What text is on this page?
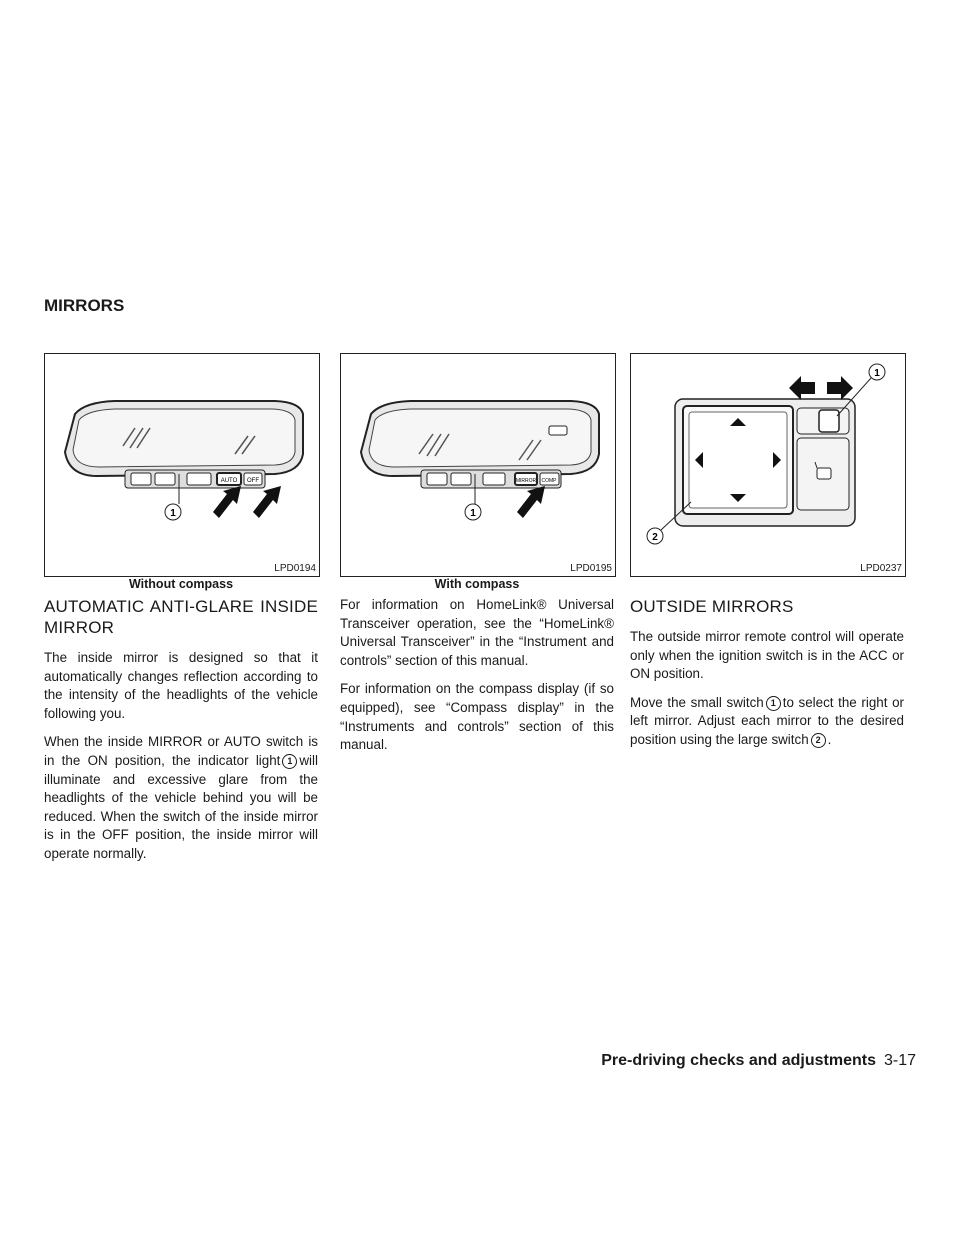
MIRRORS
AUTO OFF
1
LPD0194
Without compass
MIRROR COMP
1
LPD0195
With compass
1
2
LPD0237
AUTOMATIC ANTI-GLARE INSIDE MIRROR

The inside mirror is designed so that it automatically changes reflection according to the intensity of the headlights of the vehicle following you.

When the inside MIRROR or AUTO switch is in the ON position, the indicator light 1 will illuminate and excessive glare from the headlights of the vehicle behind you will be reduced. When the switch of the inside mirror is in the OFF position, the inside mirror will operate normally.

For information on HomeLink® Universal Transceiver operation, see the “HomeLink® Universal Transceiver” in the “Instrument and controls” section of this manual.

For information on the compass display (if so equipped), see “Compass display” in the “Instruments and controls” section of this manual.

OUTSIDE MIRRORS

The outside mirror remote control will operate only when the ignition switch is in the ACC or ON position.

Move the small switch 1 to select the right or left mirror. Adjust each mirror to the desired position using the large switch 2 .

Pre-driving checks and adjustments 3-17
